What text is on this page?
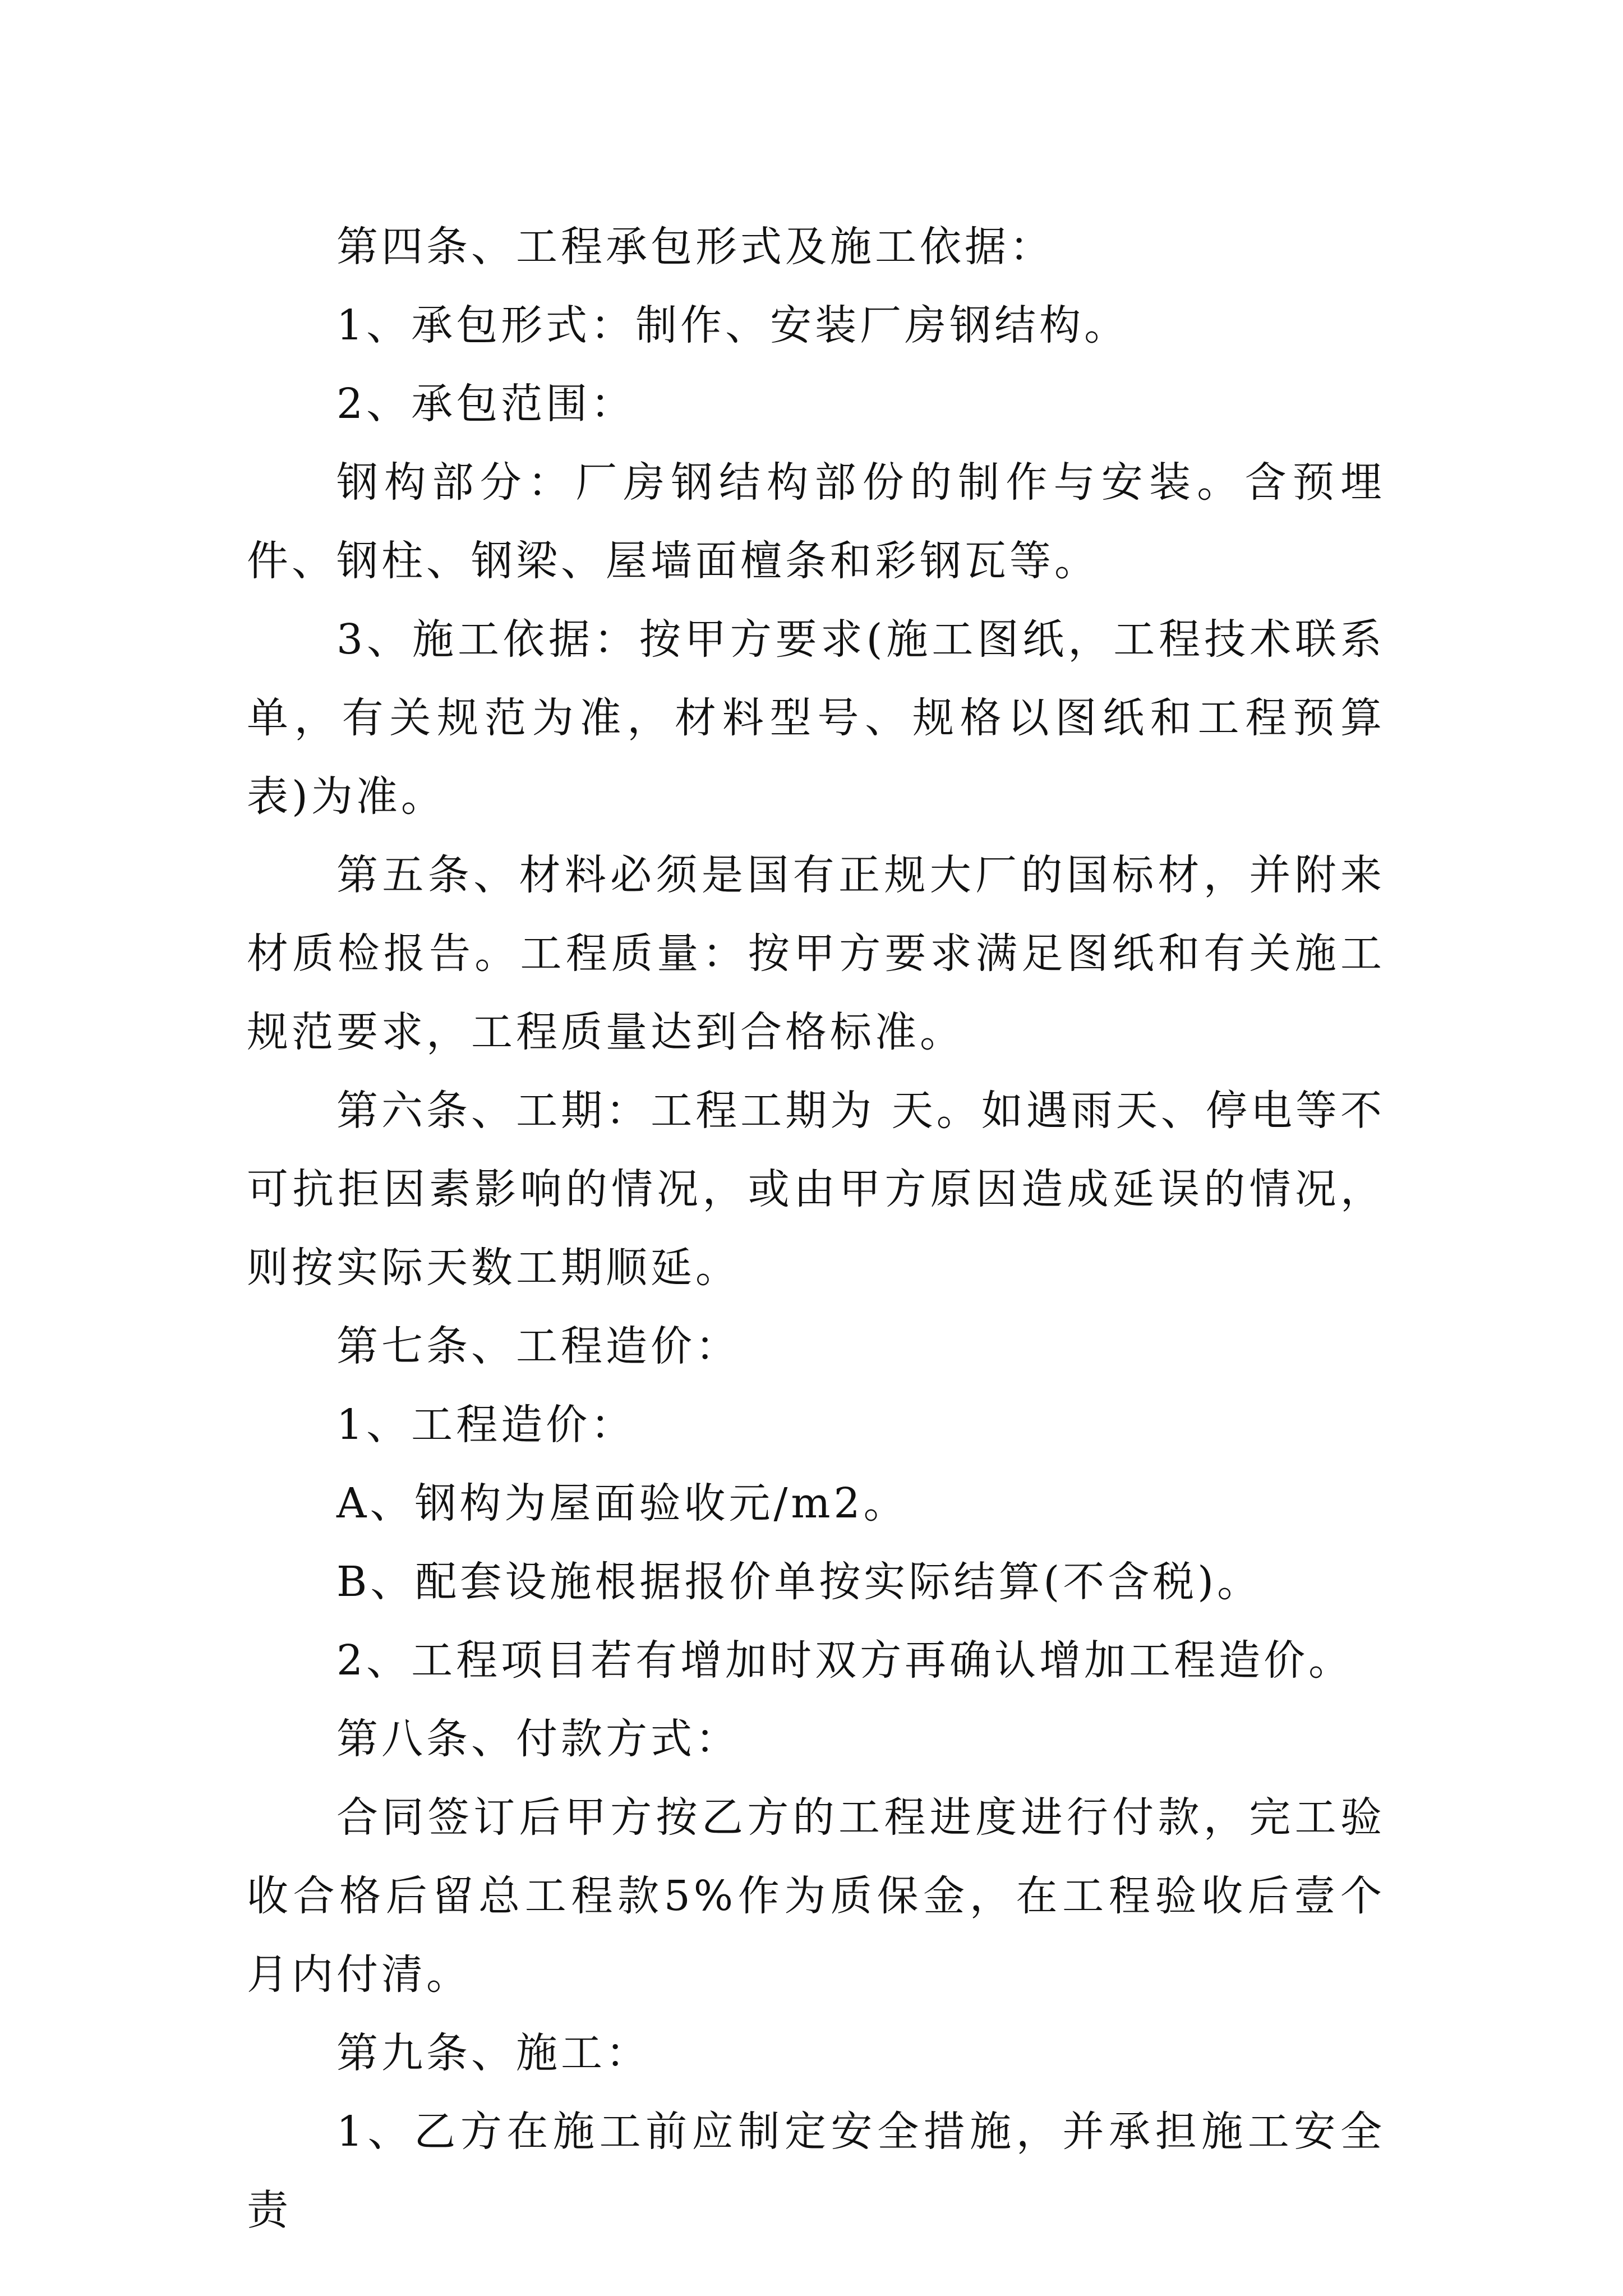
第四条、工程承包形式及施工依据：

1、承包形式：制作、安装厂房钢结构。

2、承包范围：

钢构部分：厂房钢结构部份的制作与安装。含预埋件、钢柱、钢梁、屋墙面檀条和彩钢瓦等。

3、施工依据：按甲方要求(施工图纸，工程技术联系单，有关规范为准，材料型号、规格以图纸和工程预算表)为准。

第五条、材料必须是国有正规大厂的国标材，并附来材质检报告。工程质量：按甲方要求满足图纸和有关施工规范要求，工程质量达到合格标准。

第六条、工期：工程工期为 天。如遇雨天、停电等不可抗拒因素影响的情况，或由甲方原因造成延误的情况，则按实际天数工期顺延。

第七条、工程造价：

1、工程造价：

A、钢构为屋面验收元/m2。

B、配套设施根据报价单按实际结算(不含税)。

2、工程项目若有增加时双方再确认增加工程造价。

第八条、付款方式：

合同签订后甲方按乙方的工程进度进行付款，完工验收合格后留总工程款5%作为质保金，在工程验收后壹个月内付清。

第九条、施工：

1、乙方在施工前应制定安全措施，并承担施工安全责
